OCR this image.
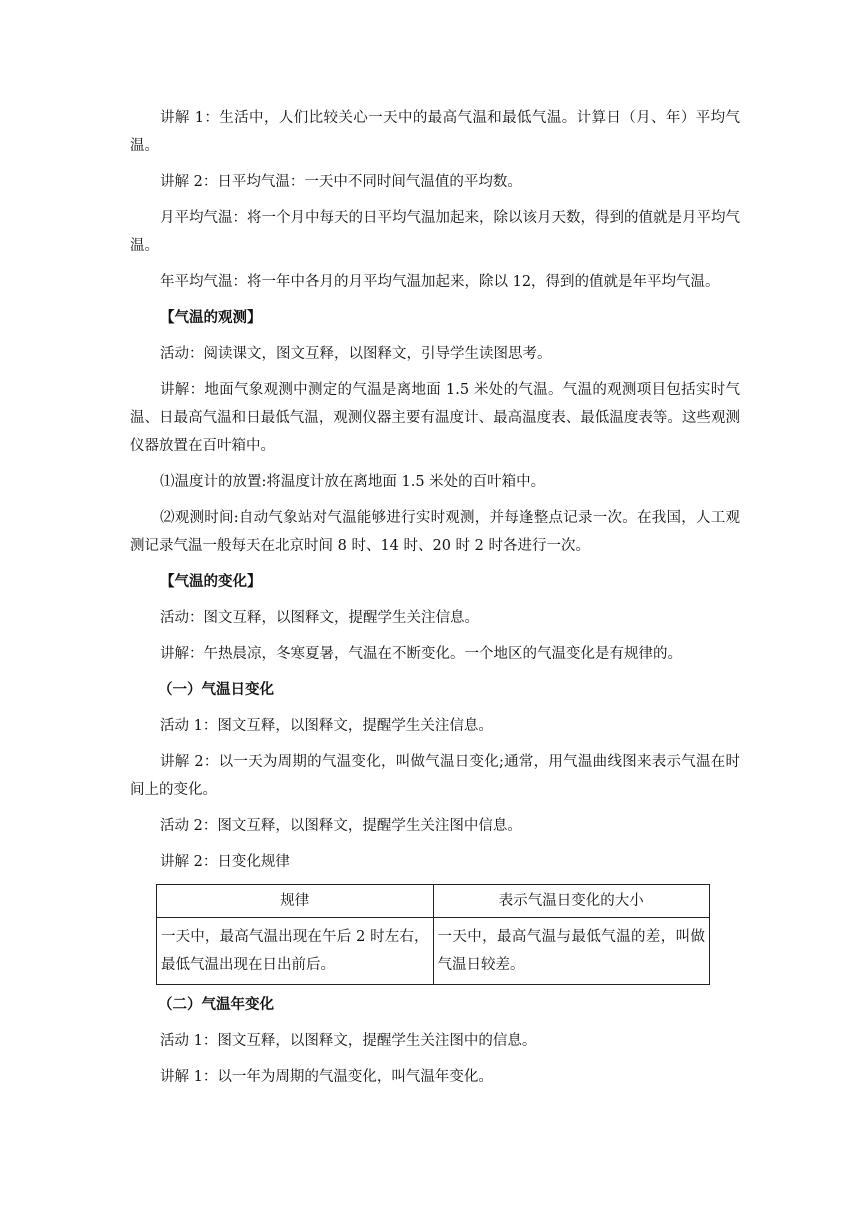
讲解 1：生活中，人们比较关心一天中的最高气温和最低气温。计算日（月、年）平均气温。

讲解 2：日平均气温：一天中不同时间气温值的平均数。

月平均气温：将一个月中每天的日平均气温加起来，除以该月天数，得到的值就是月平均气温。

年平均气温：将一年中各月的月平均气温加起来，除以 12，得到的值就是年平均气温。

【气温的观测】

活动：阅读课文，图文互释，以图释文，引导学生读图思考。

讲解：地面气象观测中测定的气温是离地面 1.5 米处的气温。气温的观测项目包括实时气温、日最高气温和日最低气温，观测仪器主要有温度计、最高温度表、最低温度表等。这些观测仪器放置在百叶箱中。

⑴温度计的放置:将温度计放在离地面 1.5 米处的百叶箱中。

⑵观测时间:自动气象站对气温能够进行实时观测，并每逢整点记录一次。在我国，人工观测记录气温一般每天在北京时间 8 时、14 时、20 时 2 时各进行一次。

【气温的变化】

活动：图文互释，以图释文，提醒学生关注信息。

讲解：午热晨凉，冬寒夏暑，气温在不断变化。一个地区的气温变化是有规律的。

（一）气温日变化

活动 1：图文互释，以图释文，提醒学生关注信息。

讲解 2：以一天为周期的气温变化，叫做气温日变化;通常，用气温曲线图来表示气温在时间上的变化。

活动 2：图文互释，以图释文，提醒学生关注图中信息。

讲解 2：日变化规律

规律	表示气温日变化的大小
一天中，最高气温出现在午后 2 时左右，最低气温出现在日出前后。	一天中，最高气温与最低气温的差，叫做气温日较差。
（二）气温年变化

活动 1：图文互释，以图释文，提醒学生关注图中的信息。

讲解 1：以一年为周期的气温变化，叫气温年变化。
